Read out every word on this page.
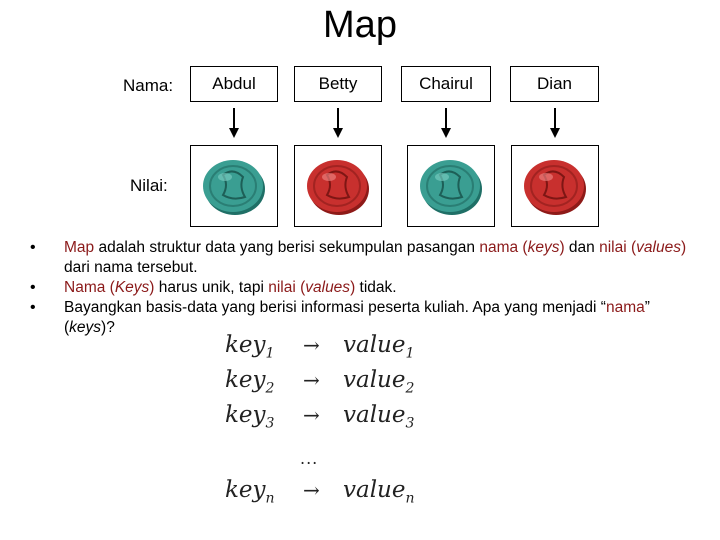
Map
Nama:
Nilai:
Abdul	Betty	Chairul	Dian
• Map adalah struktur data yang berisi sekumpulan pasangan nama (keys) dan nilai (values) dari nama tersebut.
• Nama (Keys) harus unik, tapi nilai (values) tidak.
• Bayangkan basis-data yang berisi informasi peserta kuliah. Apa yang menjadi “nama” (keys)?
key$_1$ → value$_1$
key$_2$ → value$_2$
key$_3$ → value$_3$
...
key$_n$ → value$_n$
